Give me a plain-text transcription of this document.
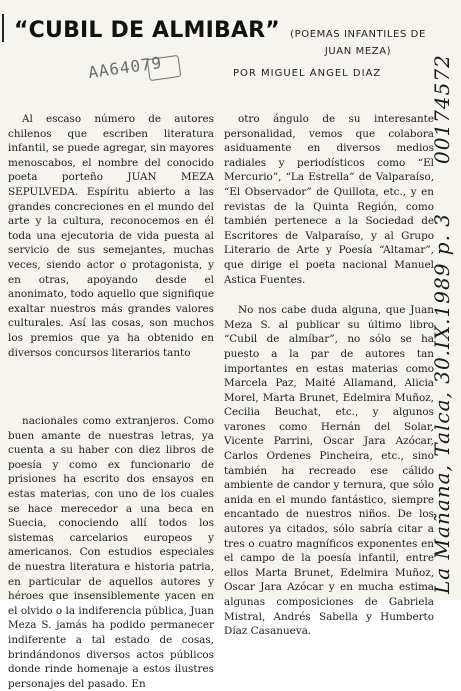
“CUBIL DE ALMIBAR”	(POEMAS INFANTILES DE JUAN MEZA)
POR MIGUEL ANGEL DIAZ
AA64079

Al escaso número de autores chilenos que escriben literatura infantil, se puede agregar, sin mayores menoscabos, el nombre del conocido poeta porteño JUAN MEZA SEPULVEDA. Espíritu abierto a las grandes concreciones en el mundo del arte y la cultura, reconocemos en él toda una ejecutoria de vida puesta al servicio de sus semejantes, muchas veces, siendo actor o protagonista, y en otras, apoyando desde el anonimato, todo aquello que signifique exaltar nuestros más grandes valores culturales. Así las cosas, son muchos los premios que ya ha obtenido en diversos concursos literarios tanto

nacionales como extranjeros. Como buen amante de nuestras letras, ya cuenta a su haber con diez libros de poesía y como ex funcionario de prisiones ha escrito dos ensayos en estas materias, con uno de los cuales se hace merecedor a una beca en Suecia, conociendo allí todos los sistemas carcelarios europeos y americanos. Con estudios especiales de nuestra literatura e historia patria, en particular de aquellos autores y héroes que insensiblemente yacen en el olvido o la indiferencia pública, Juan Meza S. jamás ha podido permanecer indiferente a tal estado de cosas, brindándonos diversos actos públicos donde rinde homenaje a estos ilustres personajes del pasado. En

otro ángulo de su interesante personalidad, vemos que colabora asiduamente en diversos medios radiales y periodísticos como “El Mercurio”, “La Estrella” de Valparaíso, “El Observador” de Quillota, etc., y en revistas de la Quinta Región, como también pertenece a la Sociedad de Escritores de Valparaíso, y al Grupo Literario de Arte y Poesía “Altamar”, que dirige el poeta nacional Manuel Astica Fuentes.

No nos cabe duda alguna, que Juan Meza S. al publicar su último libro “Cubil de almíbar”, no sólo se ha puesto a la par de autores tan importantes en estas materias como Marcela Paz, Maité Allamand, Alicia Morel, Marta Brunet, Edelmira Muñoz, Cecilia Beuchat, etc., y algunos varones como Hernán del Solar, Vicente Parrini, Oscar Jara Azócar, Carlos Ordenes Pincheira, etc., sino también ha recreado ese cálido ambiente de candor y ternura, que sólo anida en el mundo fantástico, siempre encantado de nuestros niños. De los autores ya citados, sólo sabría citar a tres o cuatro magníficos exponentes en el campo de la poesía infantil, entre ellos Marta Brunet, Edelmira Muñoz, Oscar Jara Azócar y en mucha estima algunas composiciones de Gabriela Mistral, Andrés Sabella y Humberto Díaz Casanueva.

00174572
La Mañana, Talca, 30.IX.1989 p. 3
